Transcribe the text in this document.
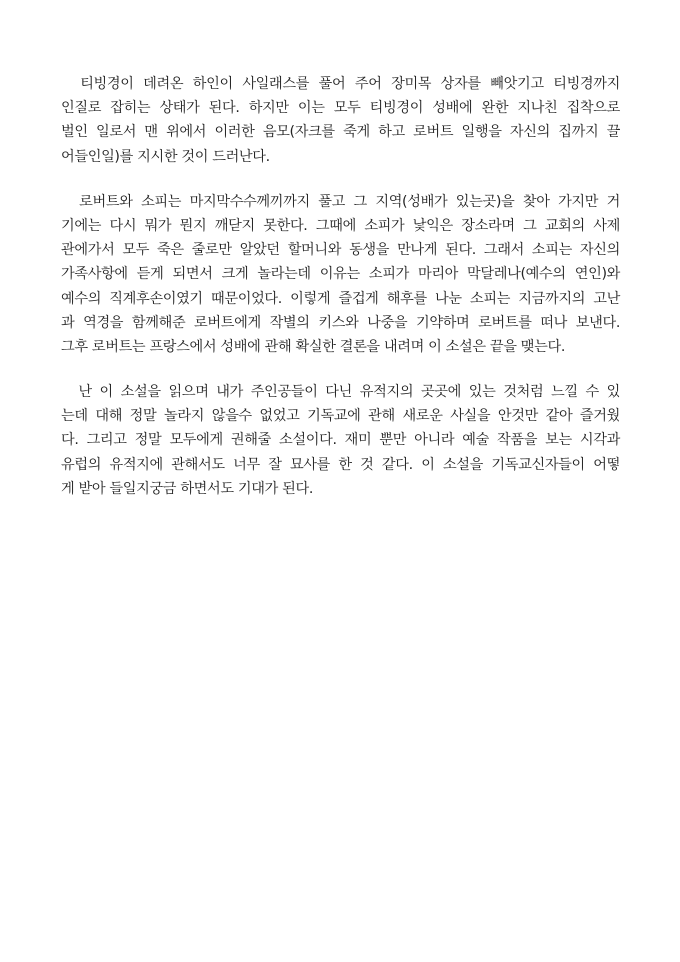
　티빙경이 데려온 하인이 사일래스를 풀어 주어 장미목 상자를 빼앗기고 티빙경까지
인질로 잡히는 상태가 된다. 하지만 이는 모두 티빙경이 성배에 완한 지나친 집착으로
벌인 일로서 맨 위에서 이러한 음모(자크를 죽게 하고 로버트 일행을 자신의 집까지 끌
어들인일)를 지시한 것이 드러난다.
　로버트와 소피는 마지막수수께끼까지 풀고 그 지역(성배가 있는곳)을 찾아 가지만 거
기에는 다시 뭐가 뭔지 깨닫지 못한다. 그때에 소피가 낯익은 장소라며 그 교회의 사제
관에가서 모두 죽은 줄로만 알았던 할머니와 동생을 만나게 된다. 그래서 소피는 자신의
가족사항에 듣게 되면서 크게 놀라는데 이유는 소피가 마리아 막달레나(예수의 연인)와
예수의 직계후손이였기 때문이었다. 이렇게 즐겁게 해후를 나눈 소피는 지금까지의 고난
과 역경을 함께해준 로버트에게 작별의 키스와 나중을 기약하며 로버트를 떠나 보낸다.
그후 로버트는 프랑스에서 성배에 관해 확실한 결론을 내려며 이 소설은 끝을 맺는다.
　난 이 소설을 읽으며 내가 주인공들이 다닌 유적지의 곳곳에 있는 것처럼 느낄 수 있
는데 대해 정말 놀라지 않을수 없었고 기독교에 관해 새로운 사실을 안것만 같아 즐거웠
다. 그리고 정말 모두에게 권해줄 소설이다. 재미 뿐만 아니라 예술 작품을 보는 시각과
유럽의 유적지에 관해서도 너무 잘 묘사를 한 것 같다. 이 소설을 기독교신자들이 어떻
게 받아 들일지궁금 하면서도 기대가 된다.
